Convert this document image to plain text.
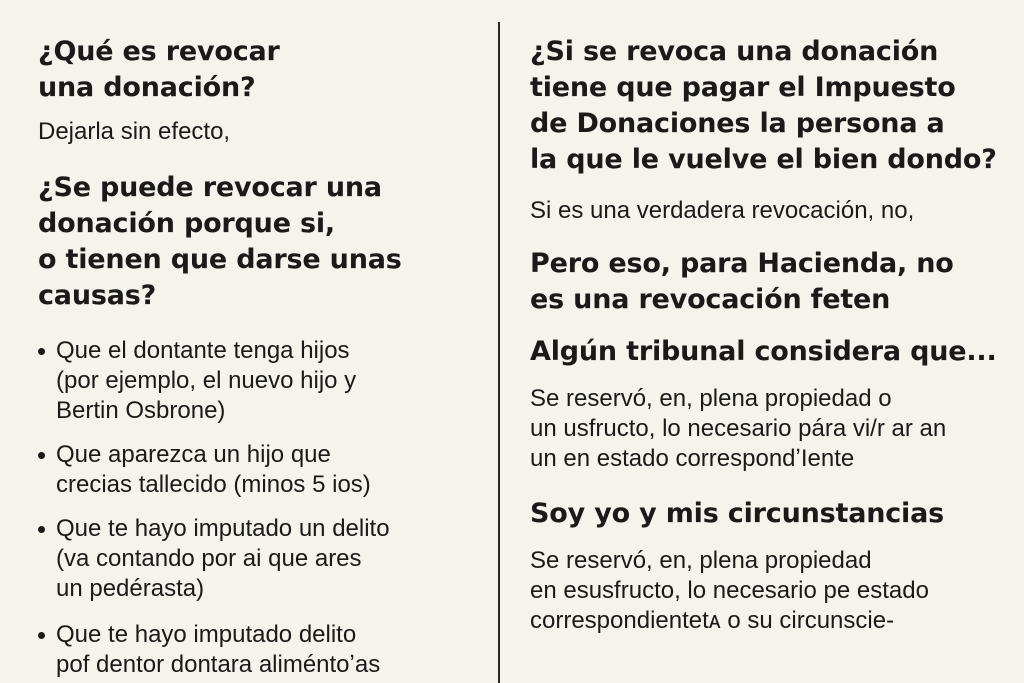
¿Qué es revocar
una donación?

Dejarla sin efecto,

¿Se puede revocar una
donación porque si,
o tienen que darse unas
causas?
Que el dontante tenga hijos
(por ejemplo, el nuevo hijo y
Bertin Osbrone)
Que aparezca un hijo que
crecias tallecido (minos 5 ios)
Que te hayo imputado un delito
(va contando por ai que ares
un pedérasta)
Que te hayo imputado delito
pof dentor dontara aliméntoʼas
¿Si se revoca una donación
tiene que pagar el Impuesto
de Donaciones la persona a
la que le vuelve el bien dondo?

Si es una verdadera revocación, no,

Pero eso, para Hacienda, no
es una revocación feten
Algún tribunal considera que...

Se reservó, en, plena propiedad o
un usfructo, lo necesario pára vi/r ar an
un en estado correspondʼIente

Soy yo y mis circunstancias

Se reservó, en, plena propiedad
en esusfructo, lo necesario pe estado
correspondientetᴀ o su circunscie-
